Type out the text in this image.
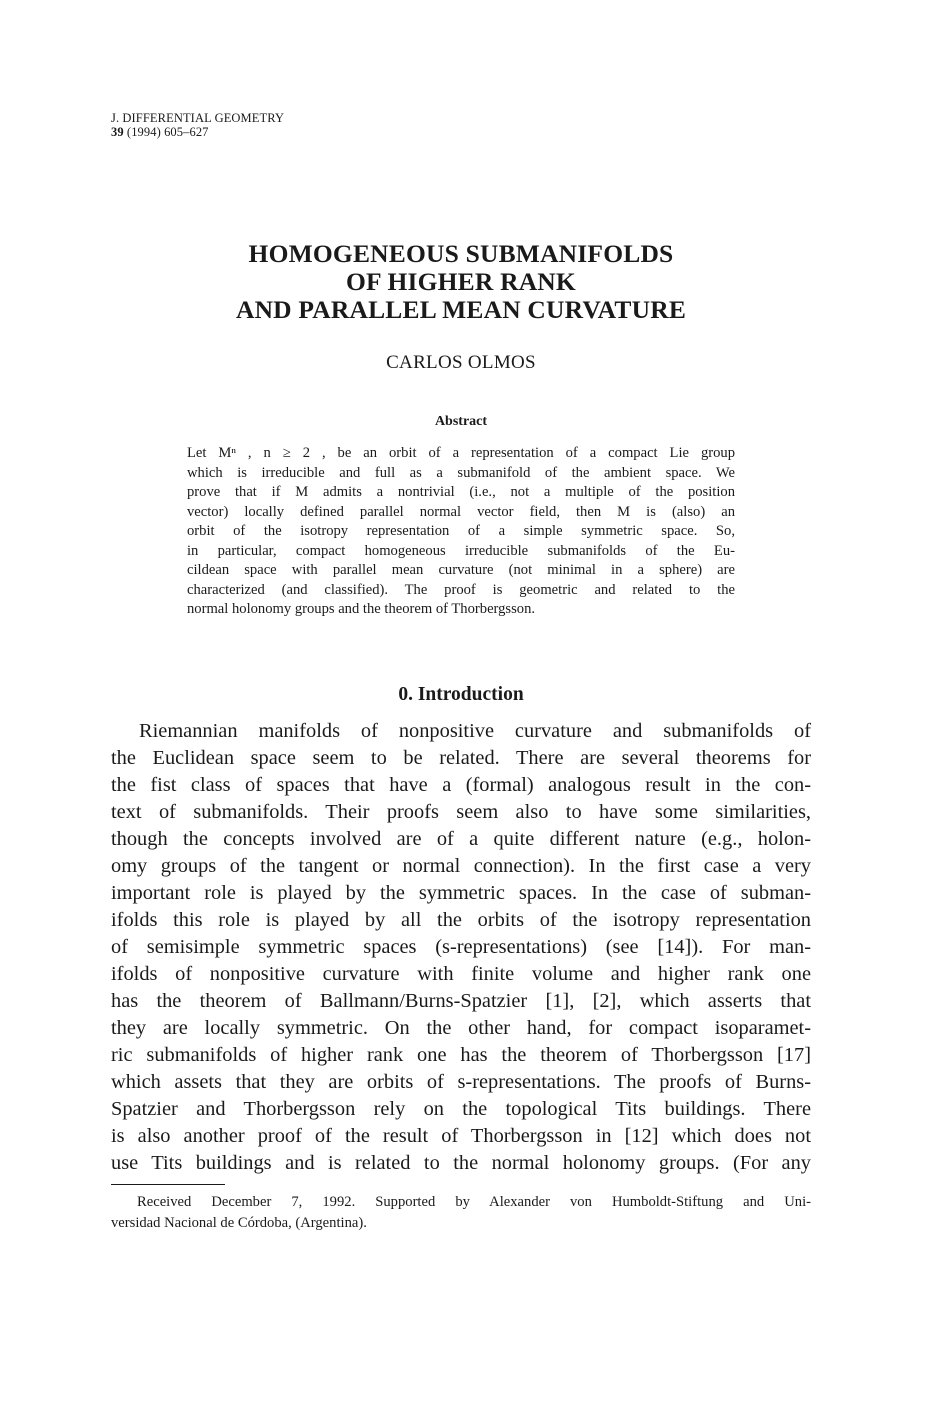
J. DIFFERENTIAL GEOMETRY
39 (1994) 605–627
HOMOGENEOUS SUBMANIFOLDS
OF HIGHER RANK
AND PARALLEL MEAN CURVATURE
CARLOS OLMOS
Abstract
Let Mⁿ , n ≥ 2 , be an orbit of a representation of a compact Lie group
which is irreducible and full as a submanifold of the ambient space. We
prove that if M admits a nontrivial (i.e., not a multiple of the position
vector) locally defined parallel normal vector field, then M is (also) an
orbit of the isotropy representation of a simple symmetric space. So,
in particular, compact homogeneous irreducible submanifolds of the Eu-
cildean space with parallel mean curvature (not minimal in a sphere) are
characterized (and classified). The proof is geometric and related to the
normal holonomy groups and the theorem of Thorbergsson.
0. Introduction
Riemannian manifolds of nonpositive curvature and submanifolds of
the Euclidean space seem to be related. There are several theorems for
the fist class of spaces that have a (formal) analogous result in the con-
text of submanifolds. Their proofs seem also to have some similarities,
though the concepts involved are of a quite different nature (e.g., holon-
omy groups of the tangent or normal connection). In the first case a very
important role is played by the symmetric spaces. In the case of subman-
ifolds this role is played by all the orbits of the isotropy representation
of semisimple symmetric spaces (s-representations) (see [14]). For man-
ifolds of nonpositive curvature with finite volume and higher rank one
has the theorem of Ballmann/Burns-Spatzier [1], [2], which asserts that
they are locally symmetric. On the other hand, for compact isoparamet-
ric submanifolds of higher rank one has the theorem of Thorbergsson [17]
which assets that they are orbits of s-representations. The proofs of Burns-
Spatzier and Thorbergsson rely on the topological Tits buildings. There
is also another proof of the result of Thorbergsson in [12] which does not
use Tits buildings and is related to the normal holonomy groups. (For any
Received December 7, 1992. Supported by Alexander von Humboldt-Stiftung and Uni-
versidad Nacional de Córdoba, (Argentina).
